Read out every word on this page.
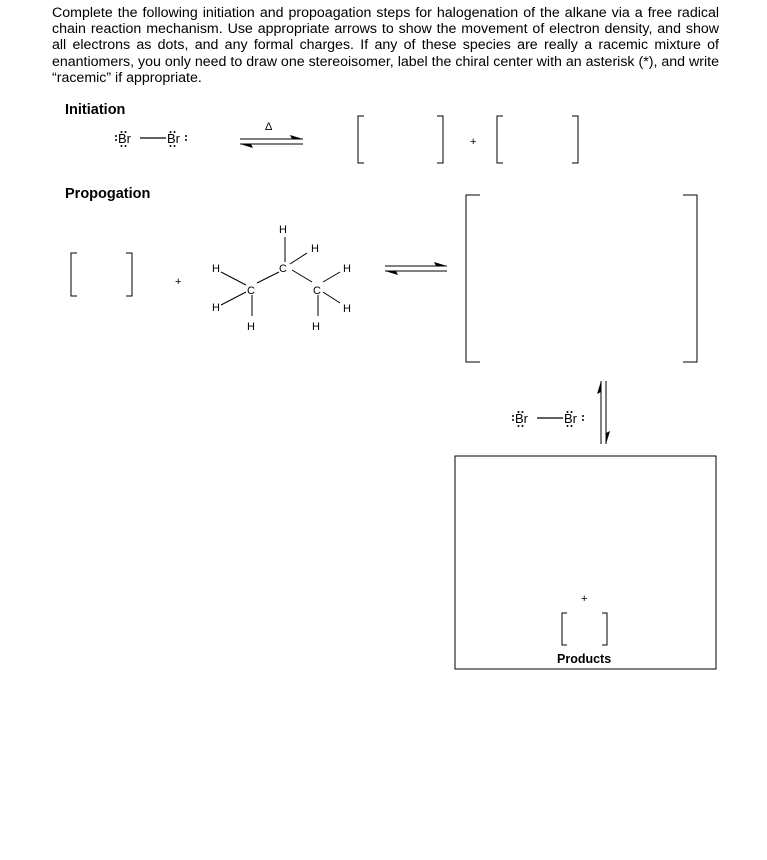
Complete the following initiation and propoagation steps for halogenation of the alkane via a free radical chain reaction mechanism. Use appropriate arrows to show the movement of electron density, and show all electrons as dots, and any formal charges. If any of these species are really a racemic mixture of enantiomers, you only need to draw one stereoisomer, label the chiral center with an asterisk (*), and write “racemic” if appropriate.

Initiation
Propogation
Br	Br
Δ
+
+
H
H
C
H
H
C
H
C
H
H
H
Br	Br
+
Products
